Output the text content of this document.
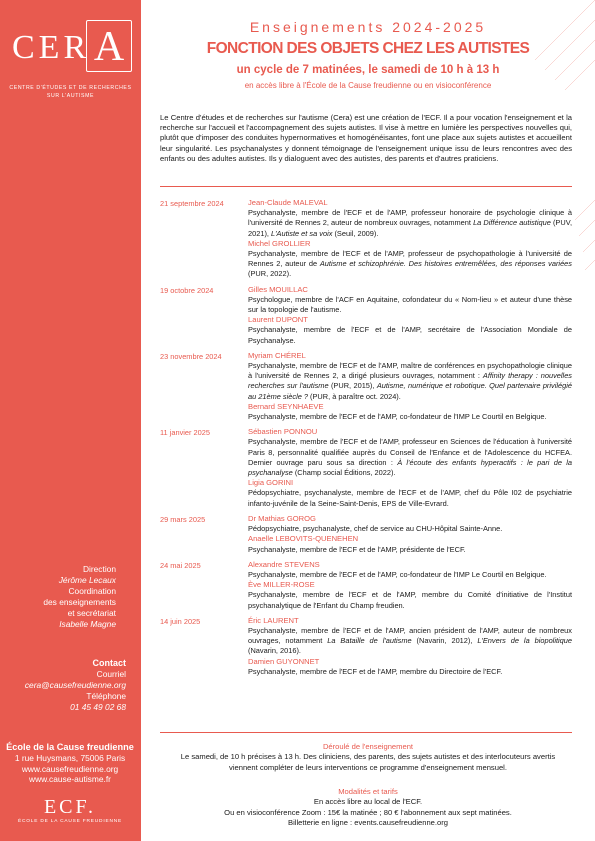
CER A
CENTRE D'ÉTUDES ET DE RECHERCHES
SUR L'AUTISME
Direction
Jérôme Lecaux
Coordination
des enseignements
et secrétariat
Isabelle Magne
Contact
Courriel
cera@causefreudienne.org
Téléphone
01 45 49 02 68
École de la Cause freudienne
1 rue Huysmans, 75006 Paris
www.causefreudienne.org
www.cause-autisme.fr
ECF.
ÉCOLE DE LA CAUSE FREUDIENNE
Enseignements 2024-2025
FONCTION DES OBJETS CHEZ LES AUTISTES
un cycle de 7 matinées, le samedi de 10 h à 13 h
en accès libre à l'École de la Cause freudienne ou en visioconférence
Le Centre d'études et de recherches sur l'autisme (Cera) est une création de l'ECF. Il a pour vocation l'enseignement et la recherche sur l'accueil et l'accompagnement des sujets autistes. Il vise à mettre en lumière les perspectives nouvelles qui, plutôt que d'imposer des conduites hypernormatives et homogénéisantes, font une place aux sujets autistes et accueillent leur singularité. Les psychanalystes y donnent témoignage de l'enseignement unique issu de leurs rencontres avec des enfants ou des adultes autistes. Ils y dialoguent avec des autistes, des parents et d'autres praticiens.
21 septembre 2024	Jean-Claude MALEVAL
Psychanalyste, membre de l'ECF et de l'AMP, professeur honoraire de psychologie clinique à l'université de Rennes 2, auteur de nombreux ouvrages, notamment La Différence autistique (PUV, 2021), L'Autiste et sa voix (Seuil, 2009).
Michel GROLLIER
Psychanalyste, membre de l'ECF et de l'AMP, professeur de psychopathologie à l'université de Rennes 2, auteur de Autisme et schizophrénie. Des histoires entremêlées, des réponses variées (PUR, 2022).
19 octobre 2024	Gilles MOUILLAC
Psychologue, membre de l'ACF en Aquitaine, cofondateur du « Nom-lieu » et auteur d'une thèse sur la topologie de l'autisme.
Laurent DUPONT
Psychanalyste, membre de l'ECF et de l'AMP, secrétaire de l'Association Mondiale de Psychanalyse.
23 novembre 2024	Myriam CHÉREL
Psychanalyste, membre de l'ECF et de l'AMP, maître de conférences en psychopathologie clinique à l'université de Rennes 2, a dirigé plusieurs ouvrages, notamment : Affinity therapy : nouvelles recherches sur l'autisme (PUR, 2015), Autisme, numérique et robotique. Quel partenaire privilégié au 21ème siècle ? (PUR, à paraître oct. 2024).
Bernard SEYNHAEVE
Psychanalyste, membre de l'ECF et de l'AMP, co-fondateur de l'IMP Le Courtil en Belgique.
11 janvier 2025	Sébastien PONNOU
Psychanalyste, membre de l'ECF et de l'AMP, professeur en Sciences de l'éducation à l'université Paris 8, personnalité qualifiée auprès du Conseil de l'Enfance et de l'Adolescence du HCFEA. Dernier ouvrage paru sous sa direction : À l'écoute des enfants hyperactifs : le pari de la psychanalyse (Champ social Éditions, 2022).
Ligia GORINI
Pédopsychiatre, psychanalyste, membre de l'ECF et de l'AMP, chef du Pôle I02 de psychiatrie infanto-juvénile de la Seine-Saint-Denis, EPS de Ville-Evrard.
29 mars 2025	Dr Mathias GOROG
Pédopsychiatre, psychanalyste, chef de service au CHU-Hôpital Sainte-Anne.
Anaelle LEBOVITS-QUENEHEN
Psychanalyste, membre de l'ECF et de l'AMP, présidente de l'ECF.
24 mai 2025	Alexandre STEVENS
Psychanalyste, membre de l'ECF et de l'AMP, co-fondateur de l'IMP Le Courtil en Belgique.
Ève MILLER-ROSE
Psychanalyste, membre de l'ECF et de l'AMP, membre du Comité d'initiative de l'Institut psychanalytique de l'Enfant du Champ freudien.
14 juin 2025	Éric LAURENT
Psychanalyste, membre de l'ECF et de l'AMP, ancien président de l'AMP, auteur de nombreux ouvrages, notamment La Bataille de l'autisme (Navarin, 2012), L'Envers de la biopolitique (Navarin, 2016).
Damien GUYONNET
Psychanalyste, membre de l'ECF et de l'AMP, membre du Directoire de l'ECF.
Déroulé de l'enseignement
Le samedi, de 10 h précises à 13 h. Des cliniciens, des parents, des sujets autistes et des interlocuteurs avertis
viennent compléter de leurs interventions ce programme d'enseignement mensuel.
Modalités et tarifs
En accès libre au local de l'ECF.
Ou en visioconférence Zoom : 15€ la matinée ; 80 € l'abonnement aux sept matinées.
Billetterie en ligne : events.causefreudienne.org
